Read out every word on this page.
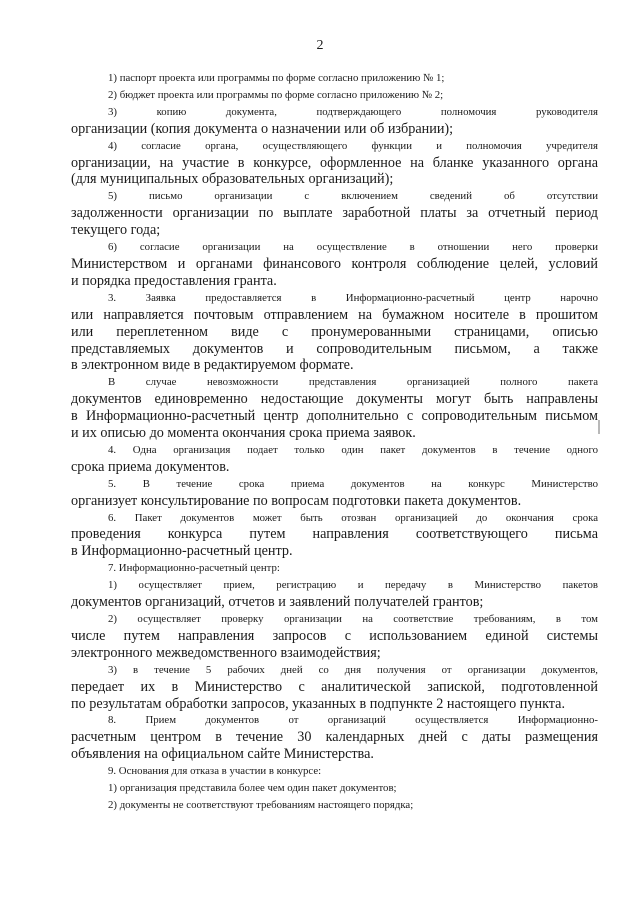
2
1) паспорт проекта или программы по форме согласно приложению № 1;
2) бюджет проекта или программы по форме согласно приложению № 2;
3) копию документа, подтверждающего полномочия руководителя
организации (копия документа о назначении или об избрании);
4) согласие органа, осуществляющего функции и полномочия учредителя
организации, на участие в конкурсе, оформленное на бланке указанного органа
(для муниципальных образовательных организаций);
5) письмо организации с включением сведений об отсутствии
задолженности организации по выплате заработной платы за отчетный период
текущего года;
6) согласие организации на осуществление в отношении него проверки
Министерством и органами финансового контроля соблюдение целей, условий
и порядка предоставления гранта.
3. Заявка предоставляется в Информационно-расчетный центр нарочно
или направляется почтовым отправлением на бумажном носителе в прошитом
или переплетенном виде с пронумерованными страницами, описью
представляемых документов и сопроводительным письмом, а также
в электронном виде в редактируемом формате.
В случае невозможности представления организацией полного пакета
документов единовременно недостающие документы могут быть направлены
в Информационно-расчетный центр дополнительно с сопроводительным письмом
и их описью до момента окончания срока приема заявок.
4. Одна организация подает только один пакет документов в течение одного
срока приема документов.
5. В течение срока приема документов на конкурс Министерство
организует консультирование по вопросам подготовки пакета документов.
6. Пакет документов может быть отозван организацией до окончания срока
проведения конкурса путем направления соответствующего письма
в Информационно-расчетный центр.
7. Информационно-расчетный центр:
1) осуществляет прием, регистрацию и передачу в Министерство пакетов
документов организаций, отчетов и заявлений получателей грантов;
2) осуществляет проверку организации на соответствие требованиям, в том
числе путем направления запросов с использованием единой системы
электронного межведомственного взаимодействия;
3) в течение 5 рабочих дней со дня получения от организации документов,
передает их в Министерство с аналитической запиской, подготовленной
по результатам обработки запросов, указанных в подпункте 2 настоящего пункта.
8. Прием документов от организаций осуществляется Информационно-
расчетным центром в течение 30 календарных дней с даты размещения
объявления на официальном сайте Министерства.
9. Основания для отказа в участии в конкурсе:
1) организация представила более чем один пакет документов;
2) документы не соответствуют требованиям настоящего порядка;
